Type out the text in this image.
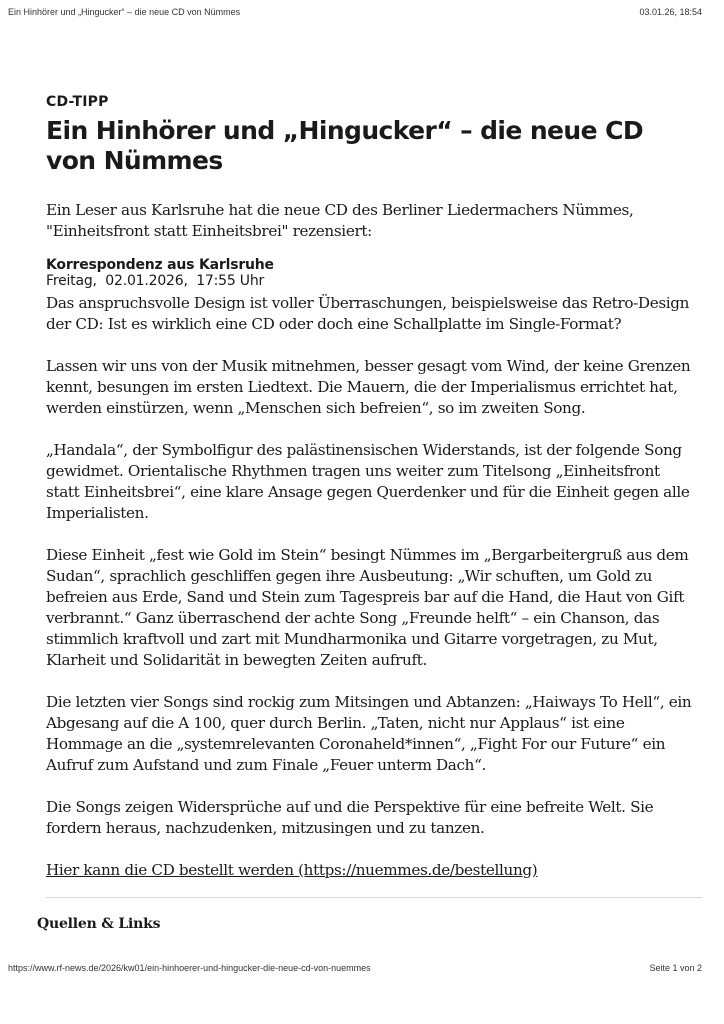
Ein Hinhörer und „Hingucker“ – die neue CD von Nümmes	03.01.26, 18:54
CD-TIPP
Ein Hinhörer und „Hingucker“ – die neue CD von Nümmes

Ein Leser aus Karlsruhe hat die neue CD des Berliner Liedermachers Nümmes, "Einheitsfront statt Einheitsbrei" rezensiert:

Korrespondenz aus Karlsruhe
Freitag,  02.01.2026,  17:55 Uhr

Das anspruchsvolle Design ist voller Überraschungen, beispielsweise das Retro-Design der CD: Ist es wirklich eine CD oder doch eine Schallplatte im Single-Format?

Lassen wir uns von der Musik mitnehmen, besser gesagt vom Wind, der keine Grenzen kennt, besungen im ersten Liedtext. Die Mauern, die der Imperialismus errichtet hat, werden einstürzen, wenn „Menschen sich befreien“, so im zweiten Song.

„Handala“, der Symbolfigur des palästinensischen Widerstands, ist der folgende Song gewidmet. Orientalische Rhythmen tragen uns weiter zum Titelsong „Einheitsfront statt Einheitsbrei“, eine klare Ansage gegen Querdenker und für die Einheit gegen alle Imperialisten.

Diese Einheit „fest wie Gold im Stein“ besingt Nümmes im „Bergarbeitergruß aus dem Sudan“, sprachlich geschliffen gegen ihre Ausbeutung: „Wir schuften, um Gold zu befreien aus Erde, Sand und Stein zum Tagespreis bar auf die Hand, die Haut von Gift verbrannt.“ Ganz überraschend der achte Song „Freunde helft“ – ein Chanson, das stimmlich kraftvoll und zart mit Mundharmonika und Gitarre vorgetragen, zu Mut, Klarheit und Solidarität in bewegten Zeiten aufruft.

Die letzten vier Songs sind rockig zum Mitsingen und Abtanzen: „Haiways To Hell“, ein Abgesang auf die A 100, quer durch Berlin. „Taten, nicht nur Applaus“ ist eine Hommage an die „systemrelevanten Coronaheld*innen“, „Fight For our Future“ ein Aufruf zum Aufstand und zum Finale „Feuer unterm Dach“.

Die Songs zeigen Widersprüche auf und die Perspektive für eine befreite Welt. Sie fordern heraus, nachzudenken, mitzusingen und zu tanzen.

Hier kann die CD bestellt werden (https://nuemmes.de/bestellung)
Quellen & Links
https://www.rf-news.de/2026/kw01/ein-hinhoerer-und-hingucker-die-neue-cd-von-nuemmes	Seite 1 von 2
